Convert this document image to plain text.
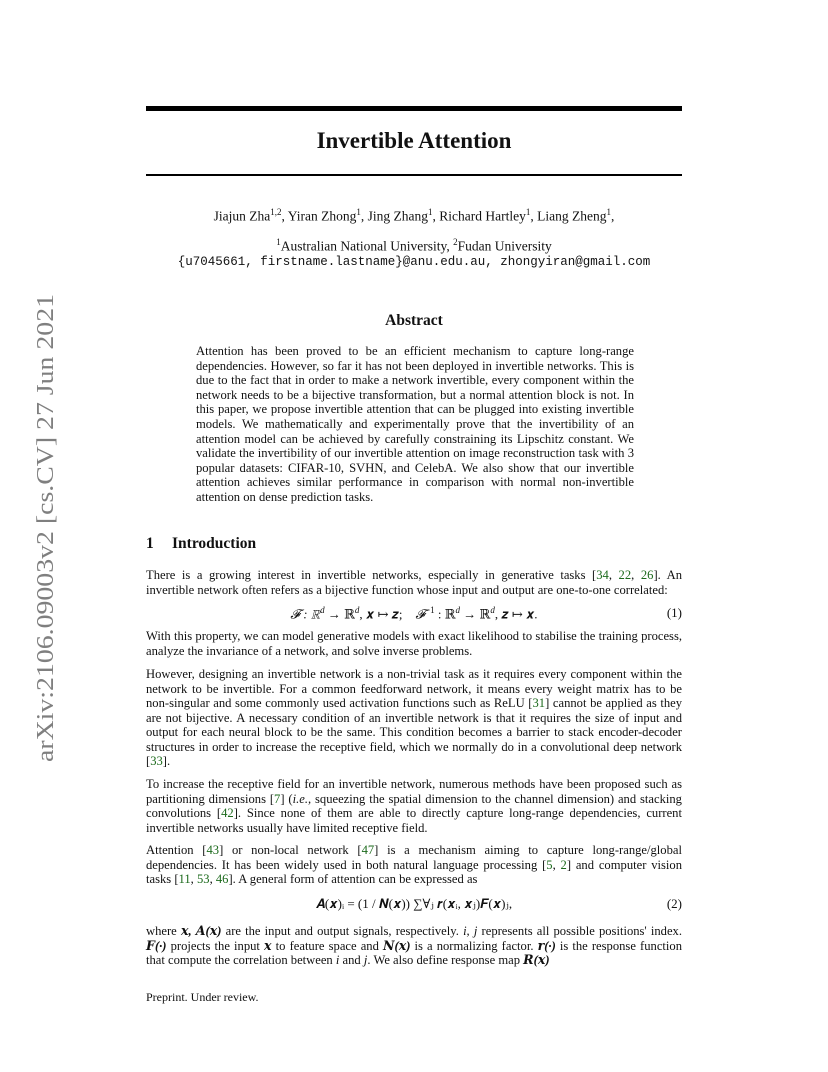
Invertible Attention
Jiajun Zha$^{1,2}$, Yiran Zhong$^1$, Jing Zhang$^1$, Richard Hartley$^1$, Liang Zheng$^1$,
$^1$Australian National University, $^2$Fudan University
{u7045661, firstname.lastname}@anu.edu.au, zhongyiran@gmail.com
arXiv:2106.09003v2 [cs.CV] 27 Jun 2021
Abstract
Attention has been proved to be an efficient mechanism to capture long-range dependencies. However, so far it has not been deployed in invertible networks. This is due to the fact that in order to make a network invertible, every component within the network needs to be a bijective transformation, but a normal attention block is not. In this paper, we propose invertible attention that can be plugged into existing invertible models. We mathematically and experimentally prove that the invertibility of an attention model can be achieved by carefully constraining its Lipschitz constant. We validate the invertibility of our invertible attention on image reconstruction task with 3 popular datasets: CIFAR-10, SVHN, and CelebA. We also show that our invertible attention achieves similar performance in comparison with normal non-invertible attention on dense prediction tasks.
1 Introduction

There is a growing interest in invertible networks, especially in generative tasks [34, 22, 26]. An invertible network often refers as a bijective function whose input and output are one-to-one correlated:

𝓕 : ℝ$^d$ → ℝ$^d$, 𝒙 ↦ 𝒛; 𝓕$^{-1}$ : ℝ$^d$ → ℝ$^d$, 𝒛 ↦ 𝒙.	(1)

With this property, we can model generative models with exact likelihood to stabilise the training process, analyze the invariance of a network, and solve inverse problems.

However, designing an invertible network is a non-trivial task as it requires every component within the network to be invertible. For a common feedforward network, it means every weight matrix has to be non-singular and some commonly used activation functions such as ReLU [31] cannot be applied as they are not bijective. A necessary condition of an invertible network is that it requires the size of input and output for each neural block to be the same. This condition becomes a barrier to stack encoder-decoder structures in order to increase the receptive field, which we normally do in a convolutional deep network [33].

To increase the receptive field for an invertible network, numerous methods have been proposed such as partitioning dimensions [7] (i.e., squeezing the spatial dimension to the channel dimension) and stacking convolutions [42]. Since none of them are able to directly capture long-range dependencies, current invertible networks usually have limited receptive field.

Attention [43] or non-local network [47] is a mechanism aiming to capture long-range/global dependencies. It has been widely used in both natural language processing [5, 2] and computer vision tasks [11, 53, 46]. A general form of attention can be expressed as

𝑨(𝒙)ᵢ = (1 / 𝑵(𝒙)) ∑∀ⱼ 𝒓(𝒙ᵢ, 𝒙ⱼ)𝑭(𝒙)ⱼ,	(2)

where 𝒙, 𝑨(𝒙) are the input and output signals, respectively. i, j represents all possible positions' index. 𝑭(·) projects the input 𝒙 to feature space and 𝑵(𝒙) is a normalizing factor. 𝒓(·) is the response function that compute the correlation between i and j. We also define response map 𝑹(𝒙)

Preprint. Under review.
